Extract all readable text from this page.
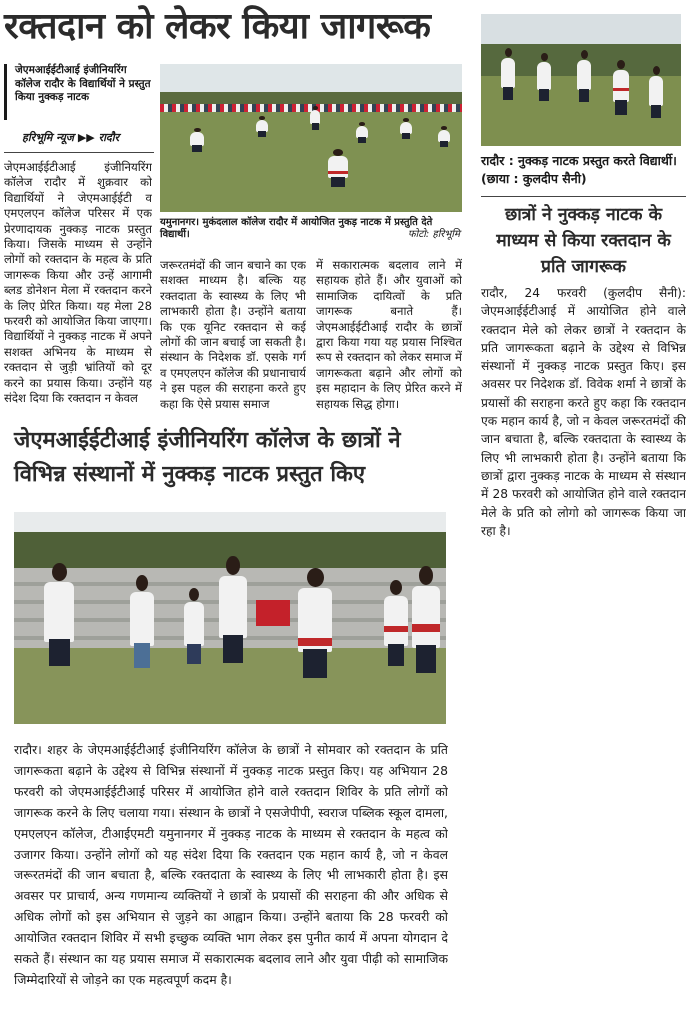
रक्तदान को लेकर किया जागरूक
जेएमआईईटीआई इंजीनियरिंग कॉलेज रादौर के विद्यार्थियों ने प्रस्तुत किया नुक्कड़ नाटक
हरिभूमि न्यूज ▶▶ रादौर
जेएमआईईटीआई इंजीनियरिंग कॉलेज रादौर में शुक्रवार को विद्यार्थियों ने जेएमआईईटी व एमएलएन कॉलेज परिसर में एक प्रेरणादायक नुक्कड़ नाटक प्रस्तुत किया। जिसके माध्यम से उन्होंने लोगों को रक्तदान के महत्व के प्रति जागरूक किया और उन्हें आगामी ब्लड डोनेशन मेला में रक्तदान करने के लिए प्रेरित किया। यह मेला 28 फरवरी को आयोजित किया जाएगा। विद्यार्थियों ने नुक्कड़ नाटक में अपने सशक्त अभिनय के माध्यम से रक्तदान से जुड़ी भ्रांतियों को दूर करने का प्रयास किया। उन्होंने यह संदेश दिया कि रक्तदान न केवल
यमुनानगर। मुकंदलाल कॉलेज रादौर में आयोजित नुकड़ नाटक में प्रस्तुति देते विद्यार्थी।	फोटो: हरिभूमि
जरूरतमंदों की जान बचाने का एक सशक्त माध्यम है। बल्कि यह रक्तदाता के स्वास्थ्य के लिए भी लाभकारी होता है। उन्होंने बताया कि एक यूनिट रक्तदान से कई लोगों की जान बचाई जा सकती है। संस्थान के निदेशक डॉ. एसके गर्ग व एमएलएन कॉलेज की प्रधानाचार्य ने इस पहल की सराहना करते हुए कहा कि ऐसे प्रयास समाज
में सकारात्मक बदलाव लाने में सहायक होते हैं। और युवाओं को सामाजिक दायित्वों के प्रति जागरूक बनाते हैं। जेएमआईईटीआई रादौर के छात्रों द्वारा किया गया यह प्रयास निश्चित रूप से रक्तदान को लेकर समाज में जागरूकता बढ़ाने और लोगों को इस महादान के लिए प्रेरित करने में सहायक सिद्ध होगा।
रादौर : नुक्कड़ नाटक प्रस्तुत करते विद्यार्थी। (छाया : कुलदीप सैनी)
छात्रों ने नुक्कड़ नाटक के माध्यम से किया रक्तदान के प्रति जागरूक
रादौर, 24 फरवरी (कुलदीप सैनी): जेएमआईईटीआई में आयोजित होने वाले रक्तदान मेले को लेकर छात्रों ने रक्तदान के प्रति जागरूकता बढ़ाने के उद्देश्य से विभिन्न संस्थानों में नुक्कड़ नाटक प्रस्तुत किए। इस अवसर पर निदेशक डॉ. विवेक शर्मा ने छात्रों के प्रयासों की सराहना करते हुए कहा कि रक्तदान एक महान कार्य है, जो न केवल जरूरतमंदों की जान बचाता है, बल्कि रक्तदाता के स्वास्थ्य के लिए भी लाभकारी होता है। उन्होंने बताया कि छात्रों द्वारा नुक्कड़ नाटक के माध्यम से संस्थान में 28 फरवरी को आयोजित होने वाले रक्तदान मेले के प्रति को लोगो को जागरूक किया जा रहा है।
जेएमआईईटीआई इंजीनियरिंग कॉलेज के छात्रों ने विभिन्न संस्थानों में नुक्कड़ नाटक प्रस्तुत किए
रादौर। शहर के जेएमआईईटीआई इंजीनियरिंग कॉलेज के छात्रों ने सोमवार को रक्तदान के प्रति जागरूकता बढ़ाने के उद्देश्य से विभिन्न संस्थानों में नुक्कड़ नाटक प्रस्तुत किए। यह अभियान 28 फरवरी को जेएमआईईटीआई परिसर में आयोजित होने वाले रक्तदान शिविर के प्रति लोगों को जागरूक करने के लिए चलाया गया। संस्थान के छात्रों ने एसजेपीपी, स्वराज पब्लिक स्कूल दामला, एमएलएन कॉलेज, टीआईएमटी यमुनानगर में नुक्कड़ नाटक के माध्यम से रक्तदान के महत्व को उजागर किया। उन्होंने लोगों को यह संदेश दिया कि रक्तदान एक महान कार्य है, जो न केवल जरूरतमंदों की जान बचाता है, बल्कि रक्तदाता के स्वास्थ्य के लिए भी लाभकारी होता है। इस अवसर पर प्राचार्य, अन्य गणमान्य व्यक्तियों ने छात्रों के प्रयासों की सराहना की और अधिक से अधिक लोगों को इस अभियान से जुड़ने का आह्वान किया। उन्होंने बताया कि 28 फरवरी को आयोजित रक्तदान शिविर में सभी इच्छुक व्यक्ति भाग लेकर इस पुनीत कार्य में अपना योगदान दे सकते हैं। संस्थान का यह प्रयास समाज में सकारात्मक बदलाव लाने और युवा पीढ़ी को सामाजिक जिम्मेदारियों से जोड़ने का एक महत्वपूर्ण कदम है।
